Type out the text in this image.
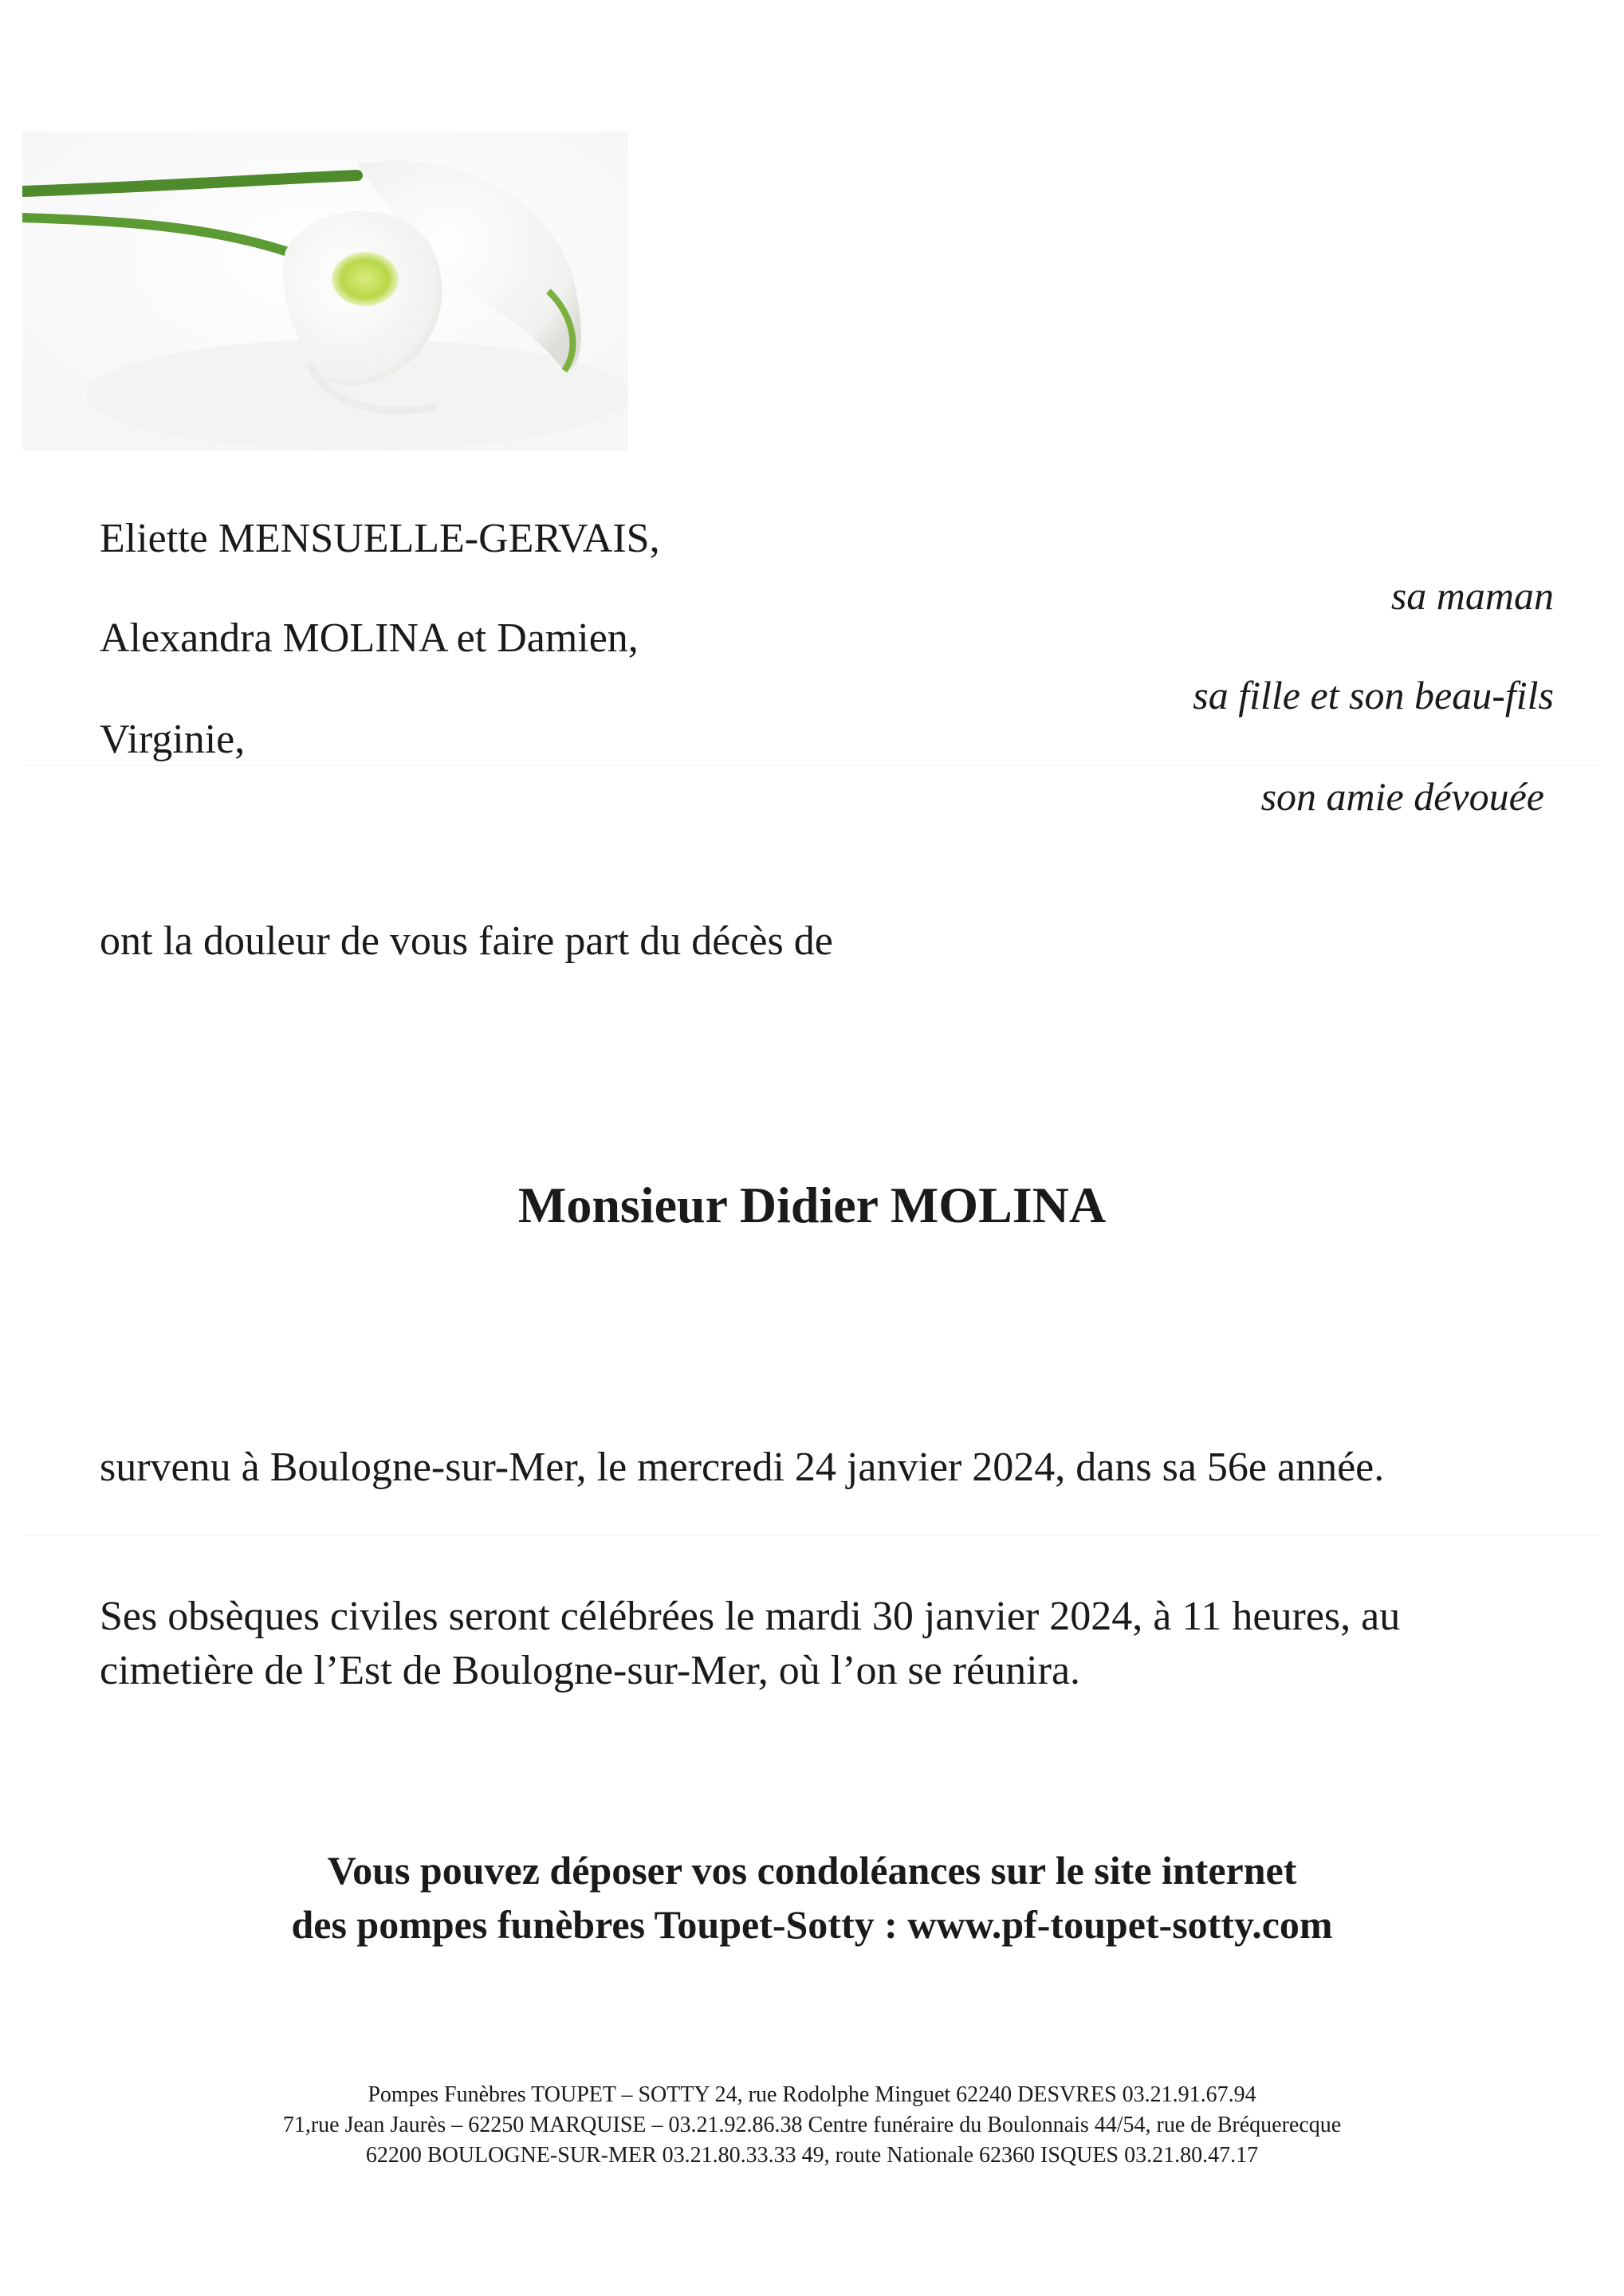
Eliette MENSUELLE-GERVAIS,
sa maman
Alexandra MOLINA et Damien,
sa fille et son beau-fils
Virginie,
son amie dévouée
ont la douleur de vous faire part du décès de
Monsieur Didier MOLINA
survenu à Boulogne-sur-Mer, le mercredi 24 janvier 2024, dans sa 56e année.
Ses obsèques civiles seront célébrées le mardi 30 janvier 2024, à 11 heures, au
cimetière de l’Est de Boulogne-sur-Mer, où l’on se réunira.
Vous pouvez déposer vos condoléances sur le site internet
des pompes funèbres Toupet-Sotty : www.pf-toupet-sotty.com
Pompes Funèbres TOUPET – SOTTY 24, rue Rodolphe Minguet 62240 DESVRES 03.21.91.67.94
71,rue Jean Jaurès – 62250 MARQUISE – 03.21.92.86.38 Centre funéraire du Boulonnais 44/54, rue de Bréquerecque
62200 BOULOGNE-SUR-MER 03.21.80.33.33 49, route Nationale 62360 ISQUES 03.21.80.47.17
